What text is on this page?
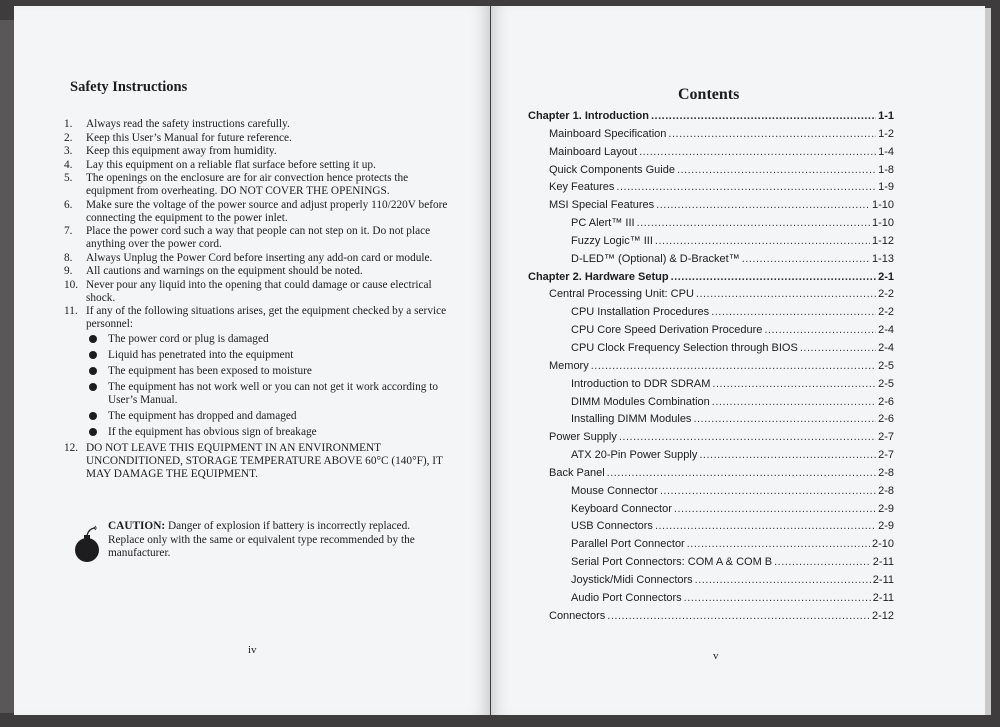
Safety Instructions
1.	Always read the safety instructions carefully.
2.	Keep this User’s Manual for future reference.
3.	Keep this equipment away from humidity.
4.	Lay this equipment on a reliable flat surface before setting it up.
5.	The openings on the enclosure are for air convection hence protects the equipment from overheating. DO NOT COVER THE OPENINGS.
6.	Make sure the voltage of the power source and adjust properly 110/220V before connecting the equipment to the power inlet.
7.	Place the power cord such a way that people can not step on it. Do not place anything over the power cord.
8.	Always Unplug the Power Cord before inserting any add-on card or module.
9.	All cautions and warnings on the equipment should be noted.
10. Never pour any liquid into the opening that could damage or cause electrical shock.
11. If any of the following situations arises, get the equipment checked by a service personnel:
The power cord or plug is damaged
Liquid has penetrated into the equipment
The equipment has been exposed to moisture
The equipment has not work well or you can not get it work according to User’s Manual.
The equipment has dropped and damaged
If the equipment has obvious sign of breakage
12. DO NOT LEAVE THIS EQUIPMENT IN AN ENVIRONMENT UNCONDITIONED, STORAGE TEMPERATURE ABOVE 60°C (140°F), IT MAY DAMAGE THE EQUIPMENT.
CAUTION: Danger of explosion if battery is incorrectly replaced. Replace only with the same or equivalent type recommended by the manufacturer.
iv
Contents
Chapter 1. Introduction .....	1-1
Mainboard Specification .....	1-2
Mainboard Layout .....	1-4
Quick Components Guide .....	1-8
Key Features .....	1-9
MSI Special Features .....	1-10
PC Alert™ III .....	1-10
Fuzzy Logic™ III .....	1-12
D-LED™ (Optional) & D-Bracket™ .....	1-13
Chapter 2. Hardware Setup .....	2-1
Central Processing Unit: CPU .....	2-2
CPU Installation Procedures .....	2-2
CPU Core Speed Derivation Procedure .....	2-4
CPU Clock Frequency Selection through BIOS .....	2-4
Memory .....	2-5
Introduction to DDR SDRAM .....	2-5
DIMM Modules Combination .....	2-6
Installing DIMM Modules .....	2-6
Power Supply .....	2-7
ATX 20-Pin Power Supply .....	2-7
Back Panel .....	2-8
Mouse Connector .....	2-8
Keyboard Connector .....	2-9
USB Connectors .....	2-9
Parallel Port Connector .....	2-10
Serial Port Connectors: COM A & COM B .....	2-11
Joystick/Midi Connectors .....	2-11
Audio Port Connectors .....	2-11
Connectors .....	2-12
v
